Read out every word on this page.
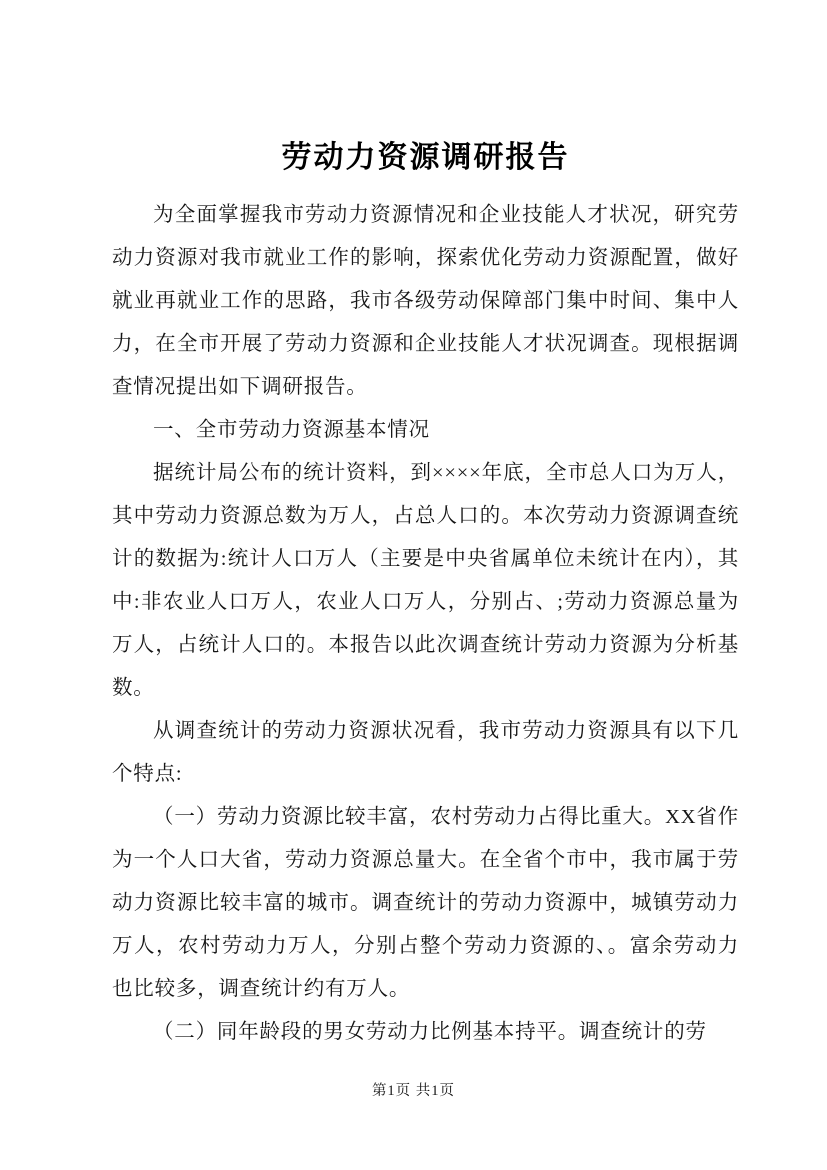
劳动力资源调研报告

为全面掌握我市劳动力资源情况和企业技能人才状况，研究劳动力资源对我市就业工作的影响，探索优化劳动力资源配置，做好就业再就业工作的思路，我市各级劳动保障部门集中时间、集中人力，在全市开展了劳动力资源和企业技能人才状况调查。现根据调查情况提出如下调研报告。

一、全市劳动力资源基本情况

据统计局公布的统计资料，到××××年底，全市总人口为万人，其中劳动力资源总数为万人，占总人口的。本次劳动力资源调查统计的数据为:统计人口万人（主要是中央省属单位未统计在内），其中:非农业人口万人，农业人口万人，分别占、;劳动力资源总量为万人，占统计人口的。本报告以此次调查统计劳动力资源为分析基数。

从调查统计的劳动力资源状况看，我市劳动力资源具有以下几个特点:

（一）劳动力资源比较丰富，农村劳动力占得比重大。XX省作为一个人口大省，劳动力资源总量大。在全省个市中，我市属于劳动力资源比较丰富的城市。调查统计的劳动力资源中，城镇劳动力万人，农村劳动力万人，分别占整个劳动力资源的、。富余劳动力也比较多，调查统计约有万人。

（二）同年龄段的男女劳动力比例基本持平。调查统计的劳

第1页 共1页
